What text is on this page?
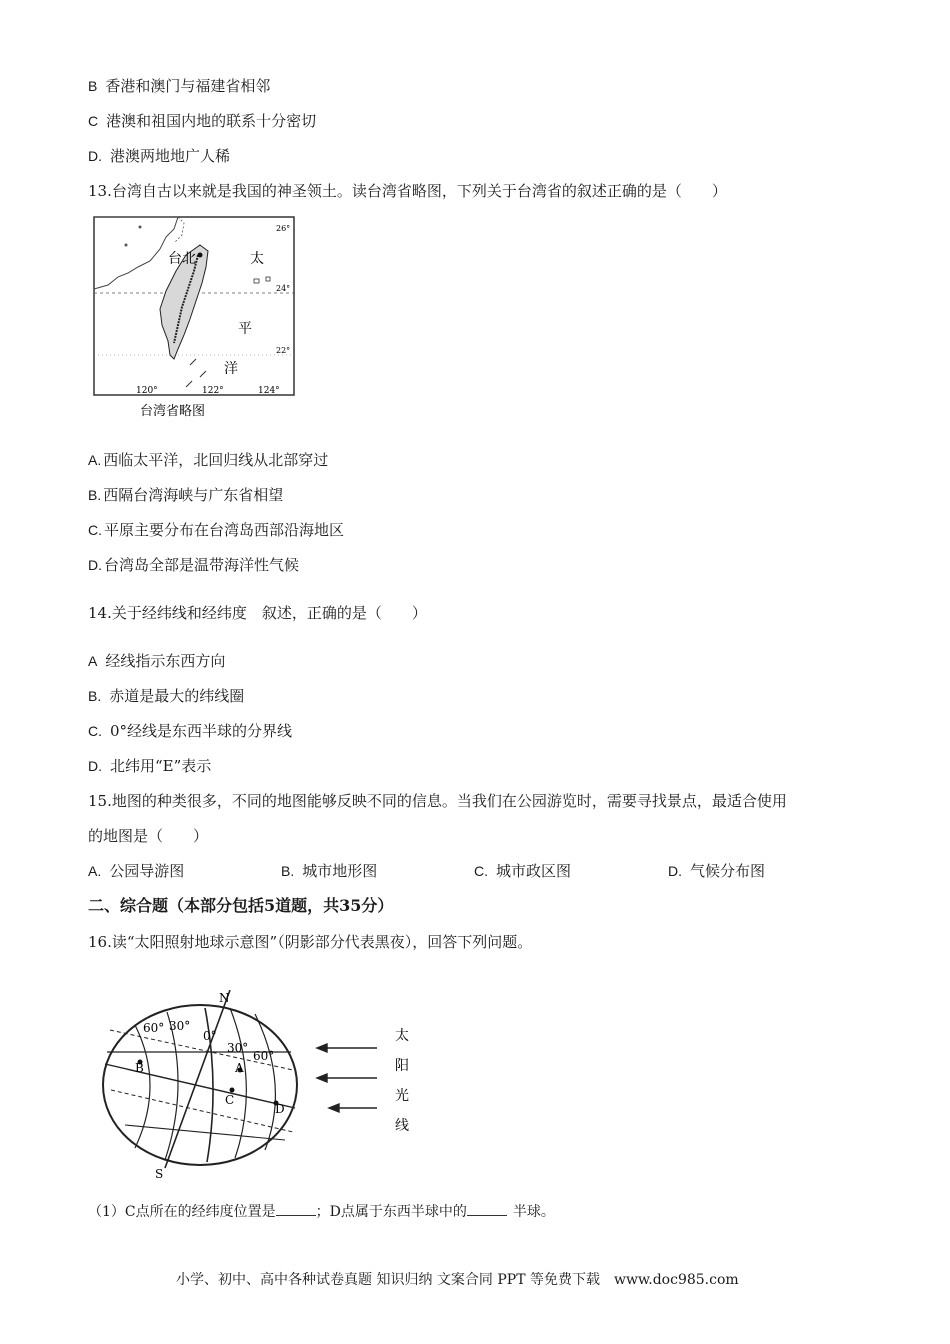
B 香港和澳门与福建省相邻
C 港澳和祖国内地的联系十分密切
D. 港澳两地地广人稀
13.台湾自古以来就是我国的神圣领土。读台湾省略图，下列关于台湾省的叙述正确的是（　　）
台北	太
平
洋
26°
24°
22°
120°	122°	124°
台湾省略图
A. 西临太平洋，北回归线从北部穿过
B. 西隔台湾海峡与广东省相望
C. 平原主要分布在台湾岛西部沿海地区
D. 台湾岛全部是温带海洋性气候
14.关于经纬线和经纬度　叙述，正确的是（　　）
A 经线指示东西方向
B. 赤道是最大的纬线圈
C. 0°经线是东西半球的分界线
D. 北纬用“E”表示
15.地图的种类很多，不同的地图能够反映不同的信息。当我们在公园游览时，需要寻找景点，最适合使用
的地图是（　　）
A. 公园导游图	B. 城市地形图	C. 城市政区图	D. 气候分布图
二、综合题（本部分包括5道题，共35分）
16.读“太阳照射地球示意图”（阴影部分代表黑夜），回答下列问题。
N
S
B	A
C
D
60° 30°
0°
30°
60°
太
阳
光
线
（1）C点所在的经纬度位置是	；D点属于东西半球中的	半球。
小学、初中、高中各种试卷真题 知识归纳 文案合同 PPT 等免费下载　www.doc985.com
